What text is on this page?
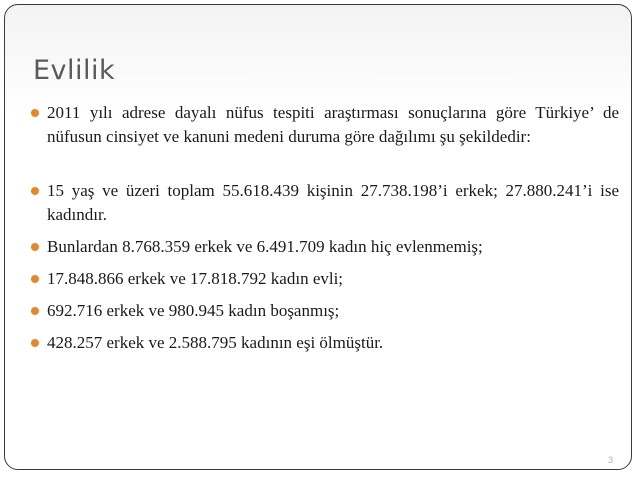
Evlilik
2011 yılı adrese dayalı nüfus tespiti araştırması sonuçlarına göre Türkiye’ de nüfusun cinsiyet ve kanuni medeni duruma göre dağılımı şu şekildedir:
15 yaş ve üzeri toplam 55.618.439 kişinin 27.738.198’i erkek; 27.880.241’i ise kadındır.
Bunlardan 8.768.359 erkek ve 6.491.709 kadın hiç evlenmemiş;
17.848.866 erkek ve 17.818.792 kadın evli;
692.716 erkek ve 980.945 kadın boşanmış;
428.257 erkek ve 2.588.795 kadının eşi ölmüştür.
3
